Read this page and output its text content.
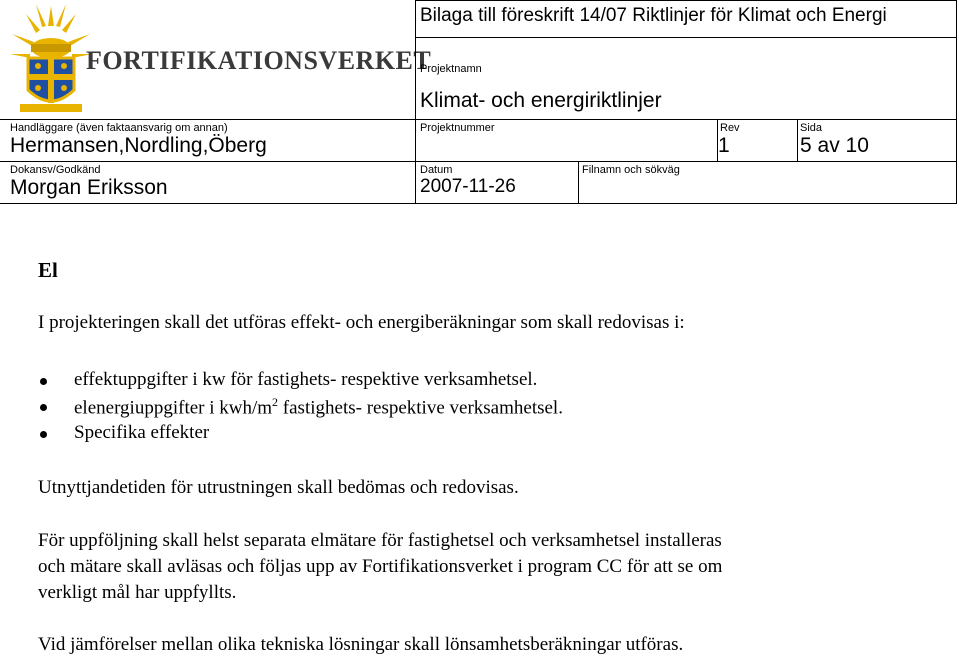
FORTIFIKATIONSVERKET
Bilaga till föreskrift 14/07 Riktlinjer för Klimat och Energi
Projektnamn
Klimat- och energiriktlinjer
Handläggare (även faktaansvarig om annan)
Hermansen,Nordling,Öberg
Projektnummer	Rev
1
Sida
5 av 10
Dokansv/Godkänd
Morgan Eriksson
Datum
2007-11-26
Filnamn och sökväg
El
I projekteringen skall det utföras effekt- och energiberäkningar som skall redovisas i:
effektuppgifter i kw för fastighets- respektive verksamhetsel.
elenergiuppgifter i kwh/$m^2$ fastighets- respektive verksamhetsel.
Specifika effekter
Utnyttjandetiden för utrustningen skall bedömas och redovisas.
För uppföljning skall helst separata elmätare för fastighetsel och verksamhetsel installeras
och mätare skall avläsas och följas upp av Fortifikationsverket i program CC för att se om
verkligt mål har uppfyllts.
Vid jämförelser mellan olika tekniska lösningar skall lönsamhetsberäkningar utföras.
